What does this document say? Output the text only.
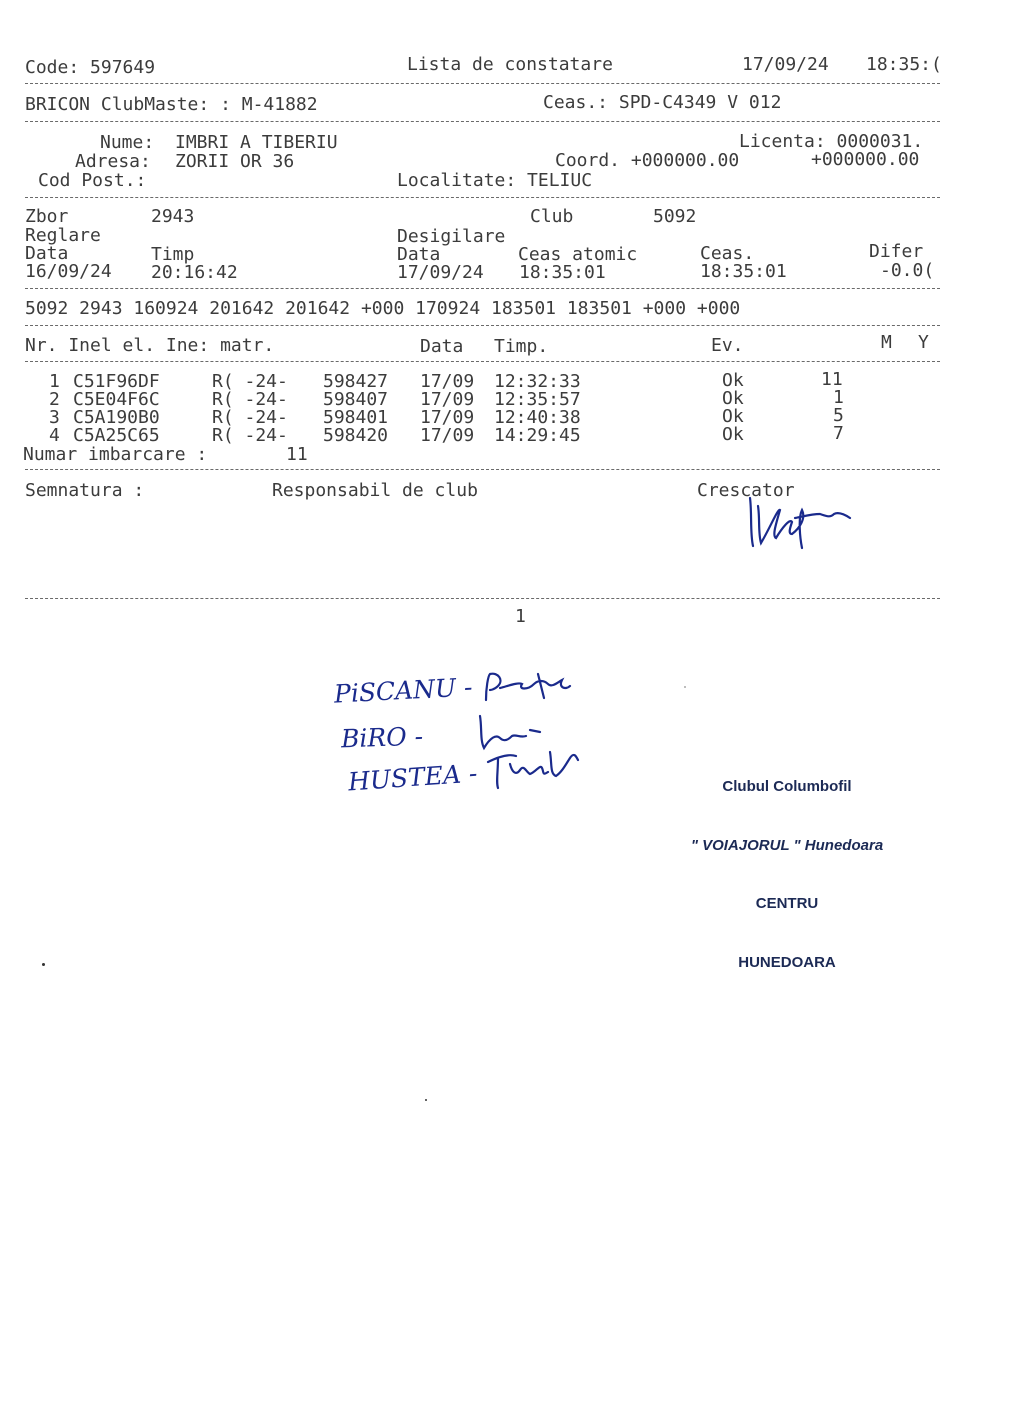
Code: 597649	Lista de constatare	17/09/24 18:35:(
BRICON ClubMaste: : M-41882	Ceas.: SPD-C4349 V 012
Nume: IMBRI A TIBERIU	Licenta: 0000031.
Adresa: ZORII OR 36	Coord. +000000.00	+000000.00
Cod Post.:	Localitate: TELIUC
Zbor	2943	Club	5092
Reglare	Desigilare
Data	Timp	Data	Ceas atomic	Ceas.	Difer
16/09/24 20:16:42	17/09/24 18:35:01	18:35:01	-0.0(
5092 2943 160924 201642 201642 +000 170924 183501 183501 +000 +000
Nr. Inel el. Ine: matr.	Data Timp.	Ev.	M Y
1 C51F96DF	R( -24- 598427 17/09 12:32:33	Ok	11
2 C5E04F6C	R( -24- 598407 17/09 12:35:57	Ok	1
3 C5A190B0	R( -24- 598401 17/09 12:40:38	Ok	5
4 C5A25C65	R( -24- 598420 17/09 14:29:45	Ok	7
Numar imbarcare :	11
Semnatura :	Responsabil de club	Crescator
1
PiSCANU -
BiRO -
HUSTEA -

	Clubul Columbofil

" VOIAJORUL " Hunedoara

CENTRU

HUNEDOARA
